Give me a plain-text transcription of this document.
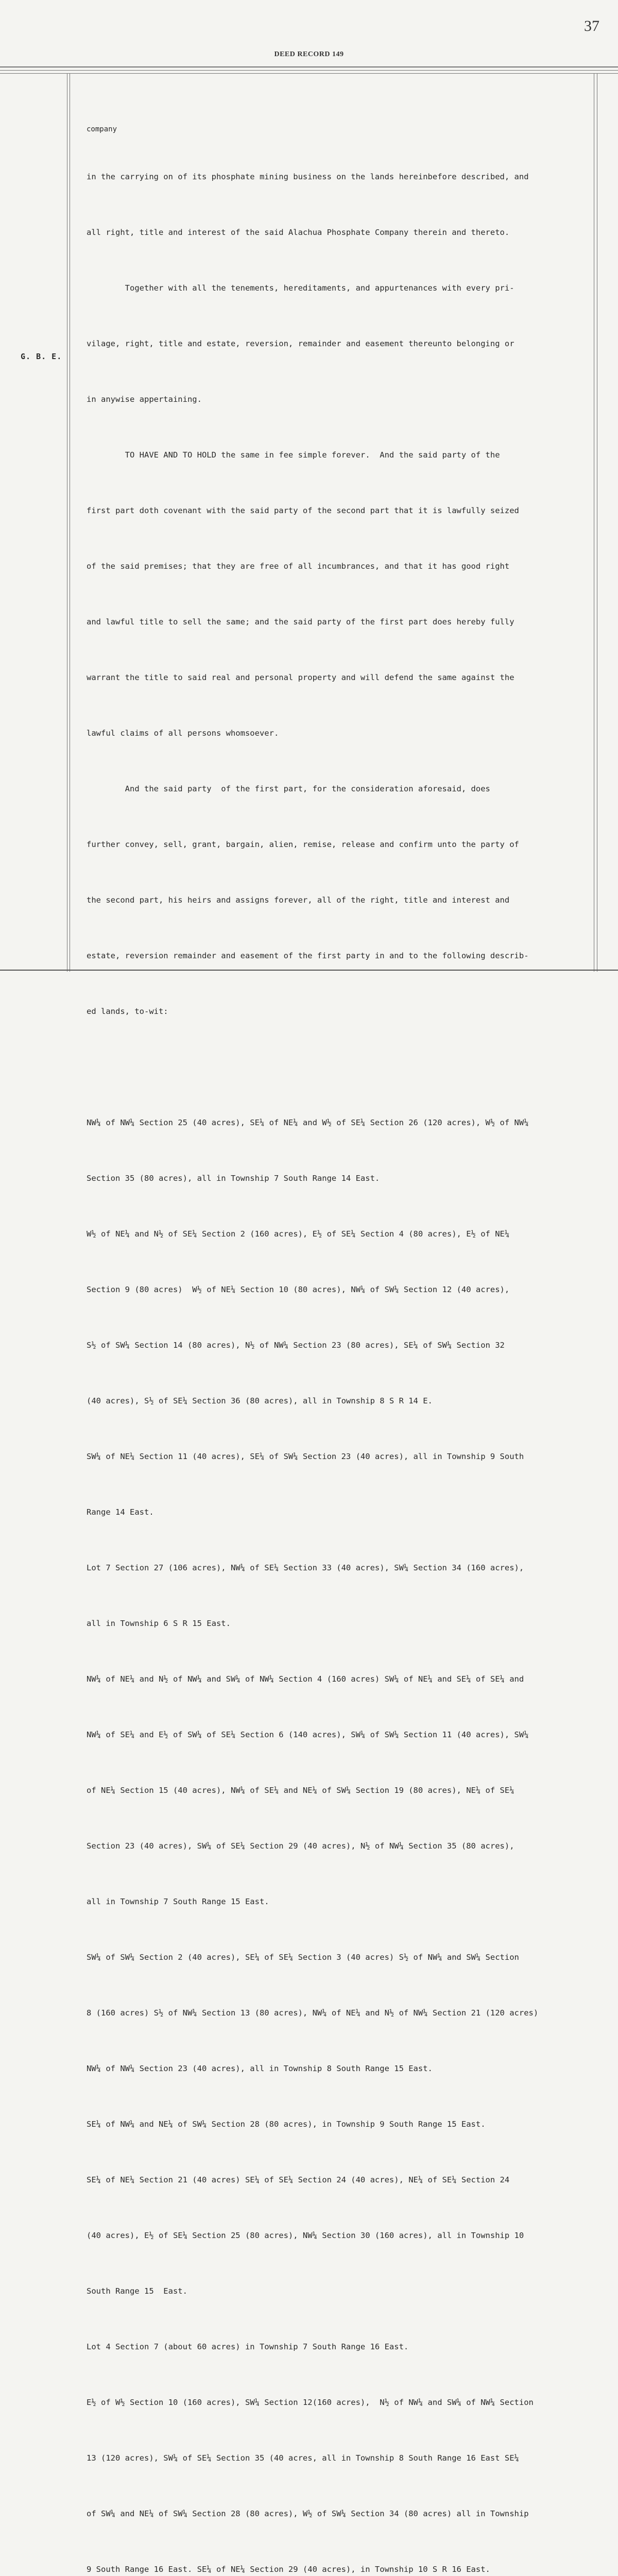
37
DEED RECORD 149
G. B. E.

company

in the carrying on of its phosphate mining business on the lands hereinbefore described, and

all right, title and interest of the said Alachua Phosphate Company therein and thereto.

Together with all the tenements, hereditaments, and appurtenances with every pri-

vilage, right, title and estate, reversion, remainder and easement thereunto belonging or

in anywise appertaining.

TO HAVE AND TO HOLD the same in fee simple forever.  And the said party of the

first part doth covenant with the said party of the second part that it is lawfully seized

of the said premises; that they are free of all incumbrances, and that it has good right

and lawful title to sell the same; and the said party of the first part does hereby fully

warrant the title to said real and personal property and will defend the same against the

lawful claims of all persons whomsoever.

And the said party  of the first part, for the consideration aforesaid, does

further convey, sell, grant, bargain, alien, remise, release and confirm unto the party of

the second part, his heirs and assigns forever, all of the right, title and interest and

estate, reversion remainder and easement of the first party in and to the following describ-

ed lands, to-wit:

NW¼ of NW¼ Section 25 (40 acres), SE¼ of NE¼ and W½ of SE¼ Section 26 (120 acres), W½ of NW¼

Section 35 (80 acres), all in Township 7 South Range 14 East.

W½ of NE¼ and N½ of SE¼ Section 2 (160 acres), E½ of SE¼ Section 4 (80 acres), E½ of NE¼

Section 9 (80 acres)  W½ of NE¼ Section 10 (80 acres), NW¼ of SW¼ Section 12 (40 acres),

S½ of SW¼ Section 14 (80 acres), N½ of NW¼ Section 23 (80 acres), SE¼ of SW¼ Section 32

(40 acres), S½ of SE¼ Section 36 (80 acres), all in Township 8 S R 14 E.

SW¼ of NE¼ Section 11 (40 acres), SE¼ of SW¼ Section 23 (40 acres), all in Township 9 South

Range 14 East.

Lot 7 Section 27 (106 acres), NW¼ of SE¼ Section 33 (40 acres), SW¼ Section 34 (160 acres),

all in Township 6 S R 15 East.

NW¼ of NE¼ and N½ of NW¼ and SW¼ of NW¼ Section 4 (160 acres) SW¼ of NE¼ and SE¼ of SE¼ and

NW¼ of SE¼ and E½ of SW¼ of SE¼ Section 6 (140 acres), SW¼ of SW¼ Section 11 (40 acres), SW¼

of NE¼ Section 15 (40 acres), NW¼ of SE¼ and NE¼ of SW¼ Section 19 (80 acres), NE¼ of SE¼

Section 23 (40 acres), SW¼ of SE¼ Section 29 (40 acres), N½ of NW¼ Section 35 (80 acres),

all in Township 7 South Range 15 East.

SW¼ of SW¼ Section 2 (40 acres), SE¼ of SE¼ Section 3 (40 acres) S½ of NW¼ and SW¼ Section

8 (160 acres) S½ of NW¼ Section 13 (80 acres), NW¼ of NE¼ and N½ of NW¼ Section 21 (120 acres)

NW¼ of NW¼ Section 23 (40 acres), all in Township 8 South Range 15 East.

SE¼ of NW¼ and NE¼ of SW¼ Section 28 (80 acres), in Township 9 South Range 15 East.

SE¼ of NE¼ Section 21 (40 acres) SE¼ of SE¼ Section 24 (40 acres), NE¼ of SE¼ Section 24

(40 acres), E½ of SE¼ Section 25 (80 acres), NW¼ Section 30 (160 acres), all in Township 10

South Range 15  East.

Lot 4 Section 7 (about 60 acres) in Township 7 South Range 16 East.

E½ of W½ Section 10 (160 acres), SW¼ Section 12(160 acres),  N½ of NW¼ and SW¼ of NW¼ Section

13 (120 acres), SW¼ of SE¼ Section 35 (40 acres, all in Township 8 South Range 16 East SE¼

of SW¼ and NE¼ of SW¼ Section 28 (80 acres), W½ of SW¼ Section 34 (80 acres) all in Township

9 South Range 16 East. SE¼ of NE¼ Section 29 (40 acres), in Township 10 S R 16 East.
